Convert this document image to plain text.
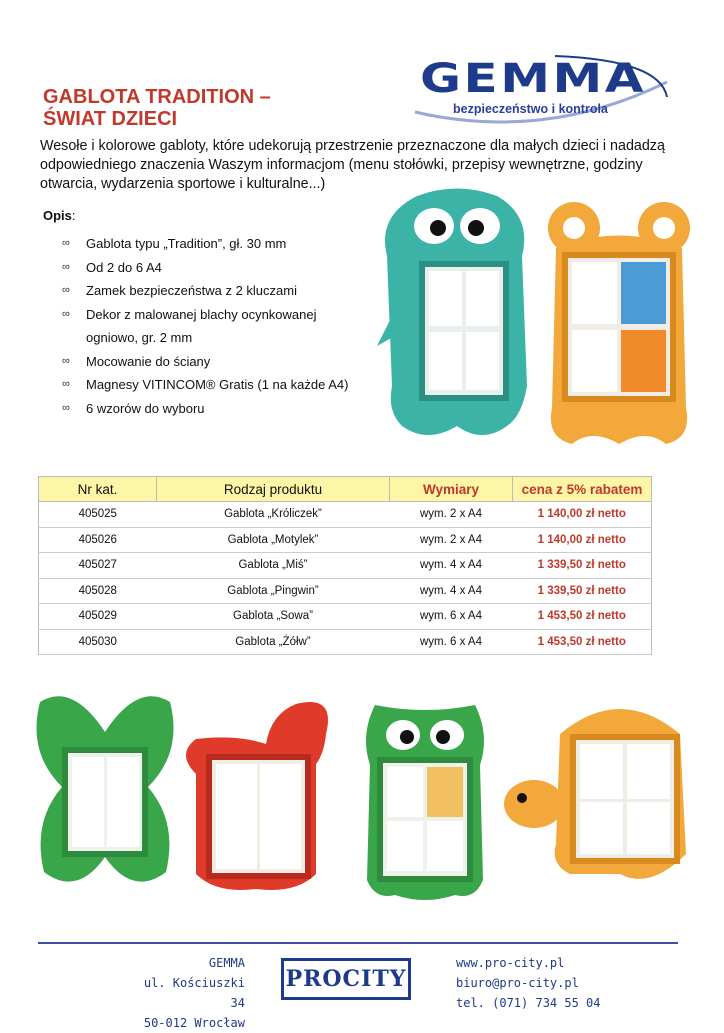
GABLOTA TRADITION –
ŚWIAT DZIECI
GEMMA
bezpieczeństwo i kontrola
Wesołe i kolorowe gabloty, które udekorują przestrzenie przeznaczone dla małych dzieci i nadadzą odpowiedniego znaczenia Waszym informacjom (menu stołówki, przepisy wewnętrzne, godziny otwarcia, wydarzenia sportowe i kulturalne...)
Opis:
∞ Gablota typu „Tradition”, gł. 30 mm
∞ Od 2 do 6 A4
∞ Zamek bezpieczeństwa z 2 kluczami
∞ Dekor z malowanej blachy ocynkowanej
ogniowo, gr. 2 mm
∞ Mocowanie do ściany
∞ Magnesy VITINCOM® Gratis (1 na każde A4)
∞ 6 wzorów do wyboru
Nr kat.	Rodzaj produktu	Wymiary	cena z 5% rabatem
405025	Gablota „Króliczek”	wym. 2 x A4	1 140,00 zł netto
405026	Gablota „Motylek”	wym. 2 x A4	1 140,00 zł netto
405027	Gablota „Miś”	wym. 4 x A4	1 339,50 zł netto
405028	Gablota „Pingwin”	wym. 4 x A4	1 339,50 zł netto
405029	Gablota „Sowa”	wym. 6 x A4	1 453,50 zł netto
405030	Gablota „Żółw”	wym. 6 x A4	1 453,50 zł netto
GEMMA
ul. Kościuszki 34
50-012 Wrocław
PROCITY
www.pro-city.pl
biuro@pro-city.pl
tel. (071) 734 55 04
